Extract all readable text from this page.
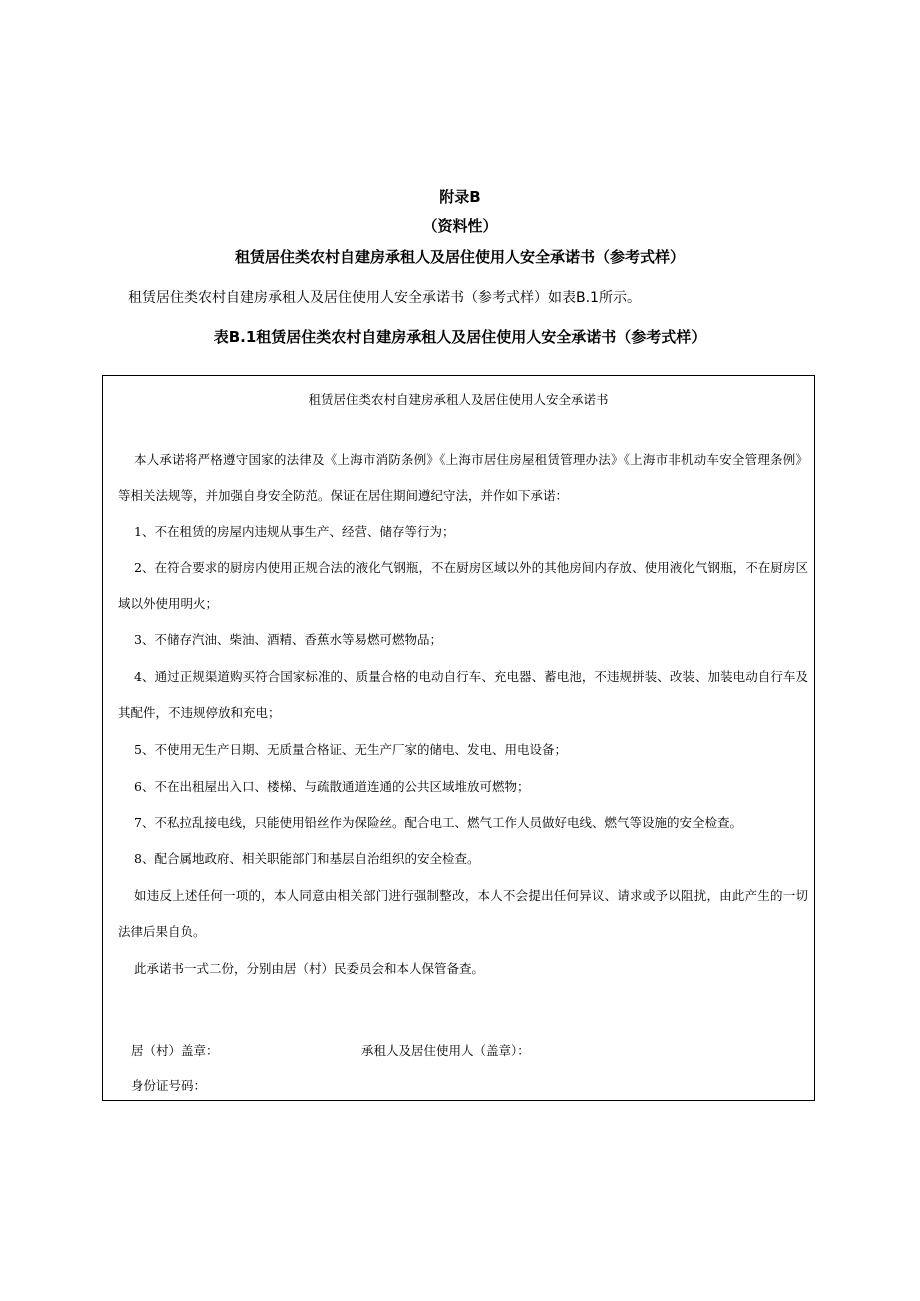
附录B
（资料性）
租赁居住类农村自建房承租人及居住使用人安全承诺书（参考式样）
租赁居住类农村自建房承租人及居住使用人安全承诺书（参考式样）如表B.1所示。
表B.1租赁居住类农村自建房承租人及居住使用人安全承诺书（参考式样）
租赁居住类农村自建房承租人及居住使用人安全承诺书
本人承诺将严格遵守国家的法律及《上海市消防条例》《上海市居住房屋租赁管理办法》《上海市非机动车安全管理条例》等相关法规等，并加强自身安全防范。保证在居住期间遵纪守法，并作如下承诺：
1、不在租赁的房屋内违规从事生产、经营、储存等行为；
2、在符合要求的厨房内使用正规合法的液化气钢瓶，不在厨房区域以外的其他房间内存放、使用液化气钢瓶，不在厨房区域以外使用明火；
3、不储存汽油、柴油、酒精、香蕉水等易燃可燃物品；
4、通过正规渠道购买符合国家标准的、质量合格的电动自行车、充电器、蓄电池，不违规拼装、改装、加装电动自行车及其配件，不违规停放和充电；
5、不使用无生产日期、无质量合格证、无生产厂家的储电、发电、用电设备；
6、不在出租屋出入口、楼梯、与疏散通道连通的公共区域堆放可燃物；
7、不私拉乱接电线，只能使用铅丝作为保险丝。配合电工、燃气工作人员做好电线、燃气等设施的安全检查。
8、配合属地政府、相关职能部门和基层自治组织的安全检查。
如违反上述任何一项的，本人同意由相关部门进行强制整改，本人不会提出任何异议、请求或予以阻扰，由此产生的一切法律后果自负。
此承诺书一式二份，分别由居（村）民委员会和本人保管备查。
居（村）盖章：	承租人及居住使用人（盖章）：
身份证号码：
